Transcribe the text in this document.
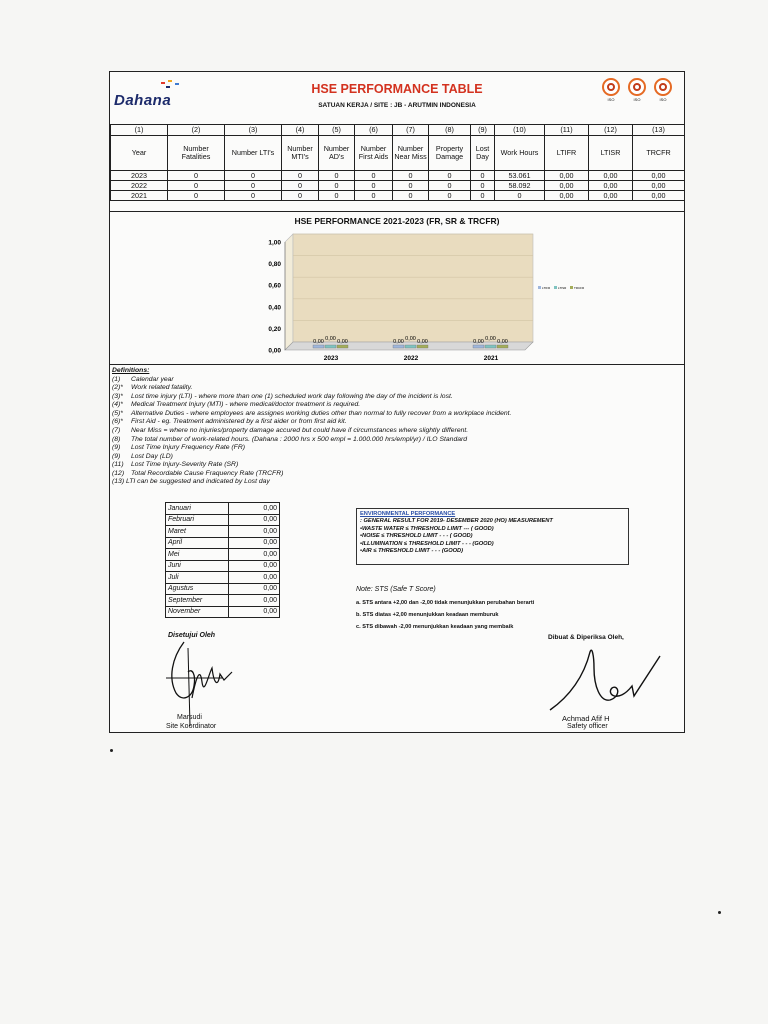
Dahana
HSE PERFORMANCE TABLE
SATUAN KERJA / SITE : JB - ARUTMIN INDONESIA
ISO	ISO	ISO
(1)	(2)	(3)	(4)	(5)	(6)	(7)	(8)	(9)	(10)	(11)	(12)	(13)
Year	Number Fatalities	Number LTI's	Number MTI's	Number AD's	Number First Aids	Number Near Miss	Property Damage	Lost Day	Work Hours	LTIFR	LTISR	TRCFR
2023	0	0	0	0	0	0	0	0	53.061	0,00	0,00	0,00
2022	0	0	0	0	0	0	0	0	58.092	0,00	0,00	0,00
2021	0	0	0	0	0	0	0	0	0	0,00	0,00	0,00
HSE PERFORMANCE 2021-2023 (FR, SR & TRCFR)
0,00
0,20
0,40
0,60
0,80
1,00
0,00 0,00 0,00
2023
0,00 0,00 0,00
2022
0,00 0,00 0,00
2021
LTIFR	LTISR	TRCFR
Definitions:
(1) Calendar year
(2)* Work related fatality.
(3)* Lost time injury (LTI) - where more than one (1) scheduled work day following the day of the incident is lost.
(4)* Medical Treatment Injury (MTI) - where medical/doctor treatment is required.
(5)* Alternative Duties - where employees are assignes working duties other than normal to fully recover from a workplace incident.
(6)* First Aid - eg. Treatment administered by a first aider or from first aid kit.
(7) Near Miss = where no injuries/property damage accured but could have if circumstances where slightly different.
(8) The total number of work-related hours. (Dahana : 2000 hrs x 500 empl = 1.000.000 hrs/empl/yr) / ILO Standard
(9) Lost Time Injury Frequency Rate (FR)
(9) Lost Day (LD)
(11) Lost Time Injury-Severity Rate (SR)
(12) Total Recordable Cause Fraquency Rate (TRCFR)
(13) LTI can be suggested and indicated by Lost day
Januari	0,00
Februari	0,00
Maret	0,00
April	0,00
Mei	0,00
Juni	0,00
Juli	0,00
Agustus	0,00
September	0,00
November	0,00
ENVIRONMENTAL PERFORMANCE
: GENERAL RESULT FOR 2019- DESEMBER 2020 (HO) MEASUREMENT
•WASTE WATER ≤ THRESHOLD LIMIT --- ( GOOD)
•NOISE ≤ THRESHOLD LIMIT - - - ( GOOD)
•ILLUMINATION ≤ THRESHOLD LIMIT - - - (GOOD)
•AIR ≤ THRESHOLD LIMIT - - - (GOOD)
Note: STS (Safe T Score)
a. STS antara +2,00 dan -2,00 tidak menunjukkan perubahan berarti
b. STS diatas +2,00 menunjukkan keadaan memburuk
c. STS dibawah -2,00 menunjukkan keadaan yang membaik
Disetujui Oleh	Dibuat & Diperiksa Oleh,
Marsudi
Site Koordinator
Achmad Afif H
Safety officer
